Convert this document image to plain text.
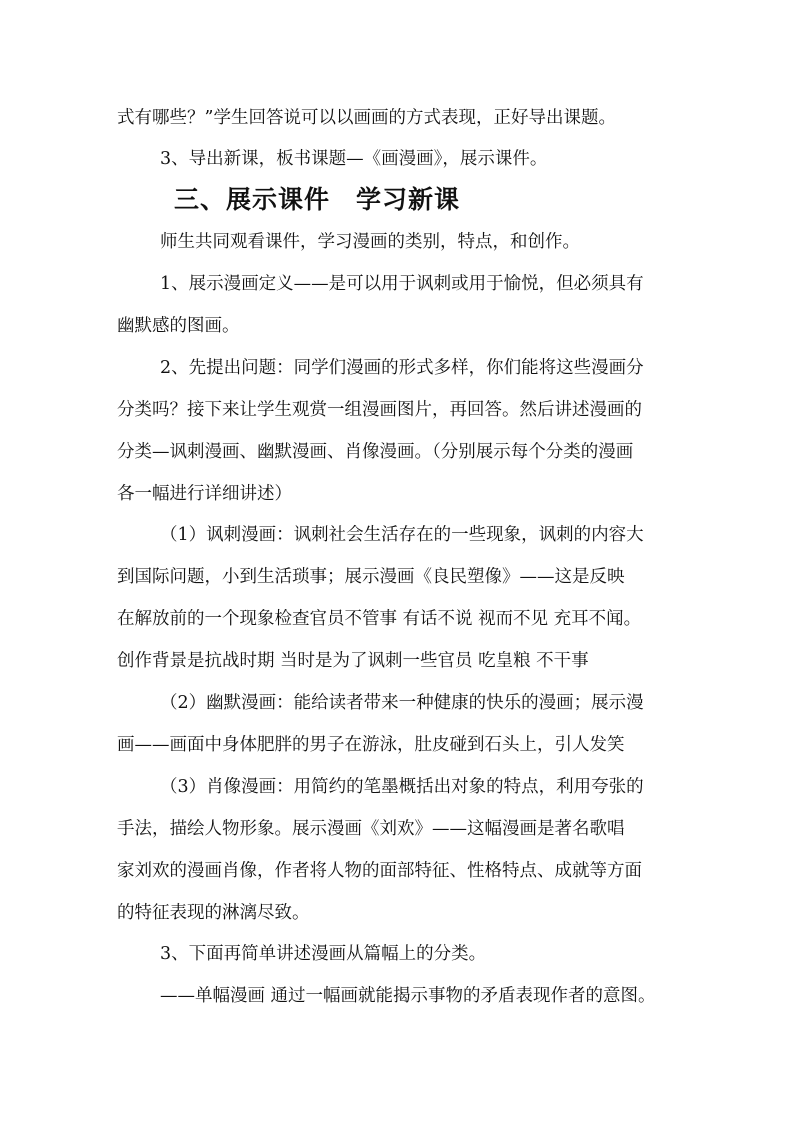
式有哪些？”学生回答说可以以画画的方式表现，正好导出课题。
3、导出新课，板书课题—《画漫画》，展示课件。
三、展示课件　学习新课
师生共同观看课件，学习漫画的类别，特点，和创作。
1、展示漫画定义——是可以用于讽刺或用于愉悦，但必须具有
幽默感的图画。
2、先提出问题：同学们漫画的形式多样，你们能将这些漫画分
分类吗？接下来让学生观赏一组漫画图片，再回答。然后讲述漫画的
分类—讽刺漫画、幽默漫画、肖像漫画。（分别展示每个分类的漫画
各一幅进行详细讲述）
（1）讽刺漫画：讽刺社会生活存在的一些现象，讽刺的内容大
到国际问题，小到生活琐事；展示漫画《良民塑像》——这是反映
在解放前的一个现象检查官员不管事 有话不说 视而不见 充耳不闻。
创作背景是抗战时期 当时是为了讽刺一些官员 吃皇粮 不干事
（2）幽默漫画：能给读者带来一种健康的快乐的漫画；展示漫
画——画面中身体肥胖的男子在游泳，肚皮碰到石头上，引人发笑
（3）肖像漫画：用简约的笔墨概括出对象的特点，利用夸张的
手法，描绘人物形象。展示漫画《刘欢》——这幅漫画是著名歌唱
家刘欢的漫画肖像，作者将人物的面部特征、性格特点、成就等方面
的特征表现的淋漓尽致。
3、下面再简单讲述漫画从篇幅上的分类。
——单幅漫画 通过一幅画就能揭示事物的矛盾表现作者的意图。
